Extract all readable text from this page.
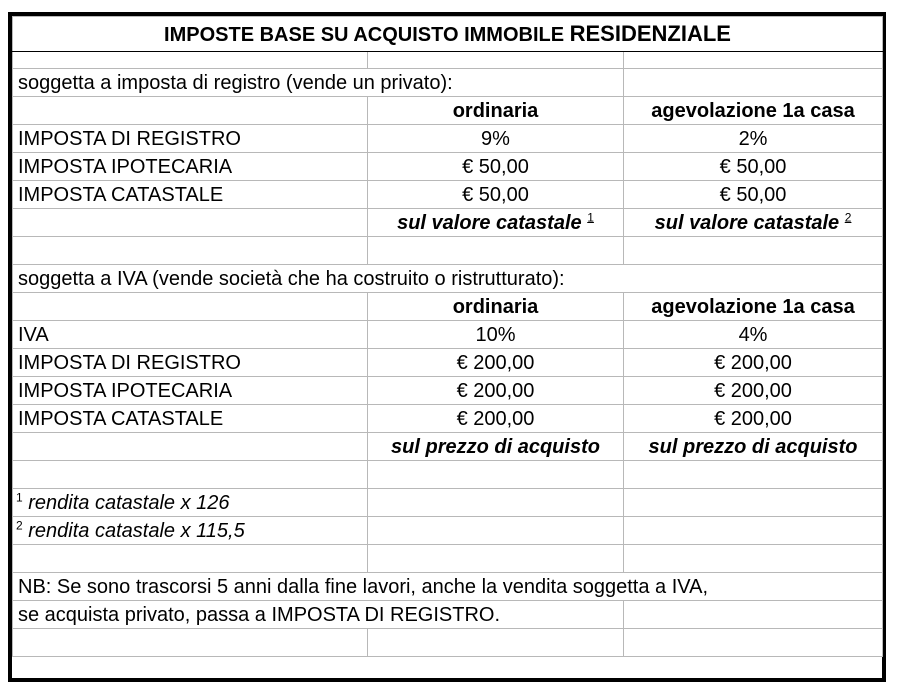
IMPOSTE BASE SU ACQUISTO IMMOBILE RESIDENZIALE		

soggetta a imposta di registro (vende un privato):		
	ordinaria	agevolazione 1a casa
IMPOSTA DI REGISTRO	9%	2%
IMPOSTA IPOTECARIA	€ 50,00	€ 50,00
IMPOSTA CATASTALE	€ 50,00	€ 50,00
	sul valore catastale $^1$	sul valore catastale $^2$

soggetta a IVA (vende società che ha costruito o ristrutturato):		
	ordinaria	agevolazione 1a casa
IVA	10%	4%
IMPOSTA DI REGISTRO	€ 200,00	€ 200,00
IMPOSTA IPOTECARIA	€ 200,00	€ 200,00
IMPOSTA CATASTALE	€ 200,00	€ 200,00
	sul prezzo di acquisto	sul prezzo di acquisto

$^1$ rendita catastale x 126		
$^2$ rendita catastale x 115,5		

NB: Se sono trascorsi 5 anni dalla fine lavori, anche la vendita soggetta a IVA,		
se acquista privato, passa a IMPOSTA DI REGISTRO.		
